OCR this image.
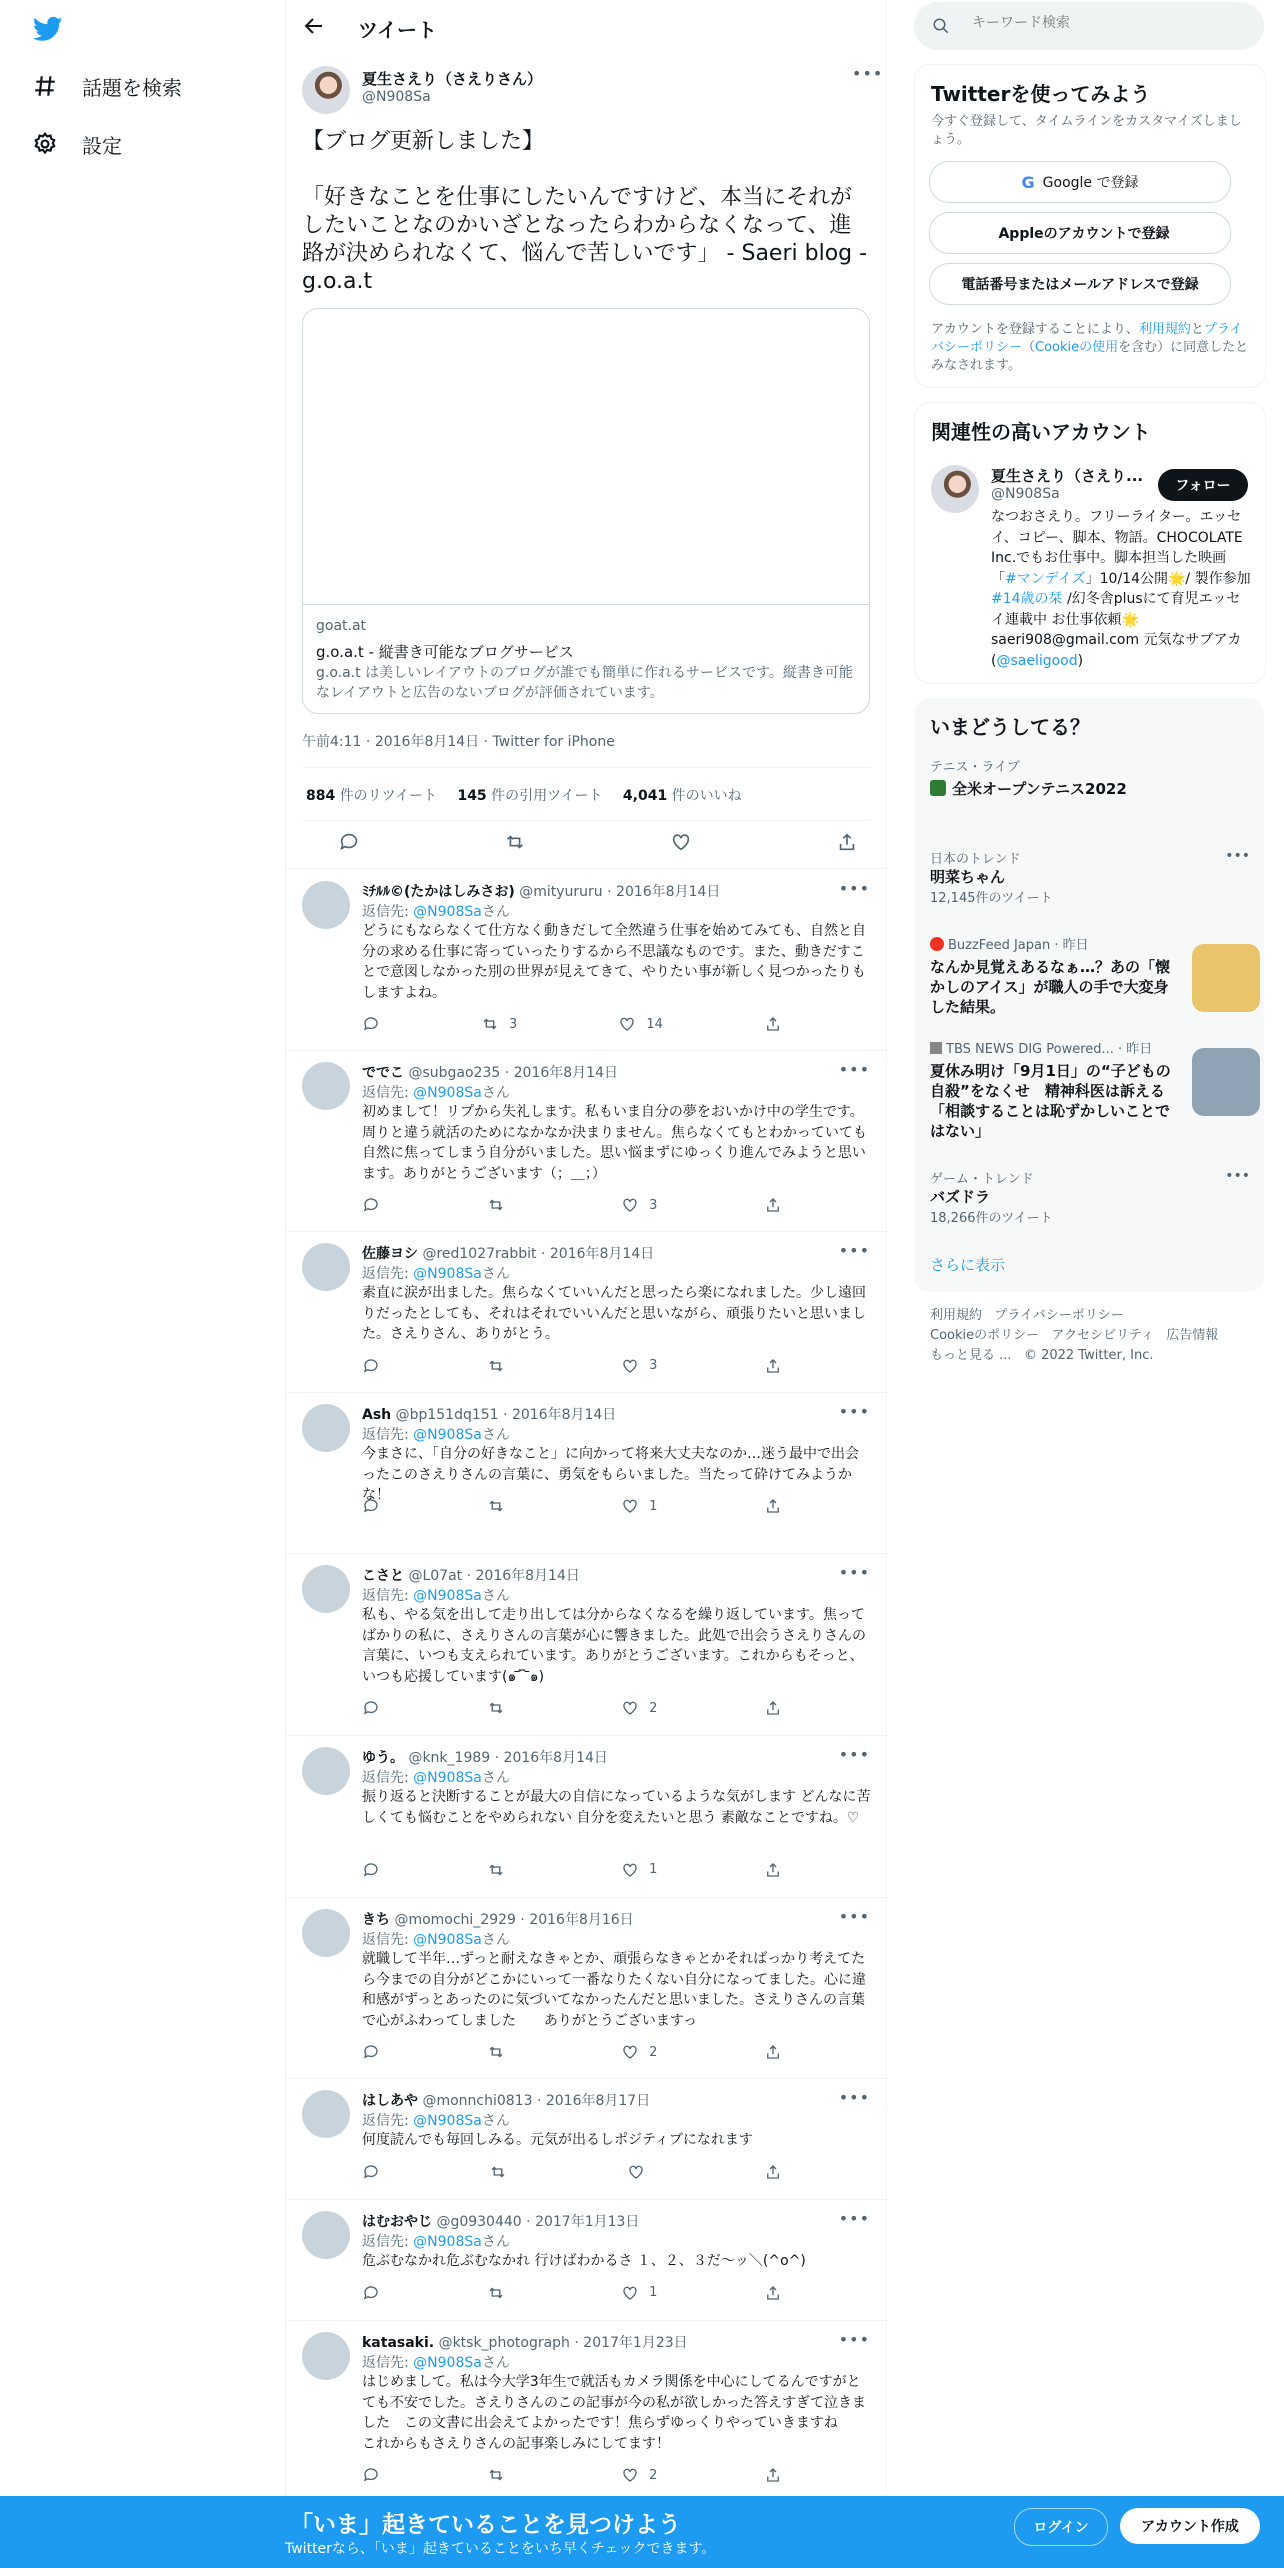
話題を検索
設定
ツイート
夏生さえり（さえりさん）
@N908Sa
•••
【ブログ更新しました】

「好きなことを仕事にしたいんですけど、本当にそれがしたいことなのかいざとなったらわからなくなって、進路が決められなくて、悩んで苦しいです」 - Saeri blog - g.o.a.t
goat.at
g.o.a.t - 縦書き可能なブログサービス
g.o.a.t は美しいレイアウトのブログが誰でも簡単に作れるサービスです。縦書き可能なレイアウトと広告のないブログが評価されています。
午前4:11 · 2016年8月14日 · Twitter for iPhone
884 件のリツイート 145 件の引用ツイート 4,041 件のいいね
ﾐﾁﾙﾙ©(たかはしみさお) @mityururu · 2016年8月14日	•••
返信先: @N908Saさん
どうにもならなくて仕方なく動きだして全然違う仕事を始めてみても、自然と自分の求める仕事に寄っていったりするから不思議なものです。また、動きだすことで意図しなかった別の世界が見えてきて、やりたい事が新しく見つかったりもしますよね。
3	14
ででこ @subgao235 · 2016年8月14日	•••
返信先: @N908Saさん
初めまして！リプから失礼します。私もいま自分の夢をおいかけ中の学生です。周りと違う就活のためになかなか決まりません。焦らなくてもとわかっていても自然に焦ってしまう自分がいました。思い悩まずにゆっくり進んでみようと思います。ありがとうございます（；＿；）
3
佐藤ヨシ @red1027rabbit · 2016年8月14日	•••
返信先: @N908Saさん
素直に涙が出ました。焦らなくていいんだと思ったら楽になれました。少し遠回りだったとしても、それはそれでいいんだと思いながら、頑張りたいと思いました。さえりさん、ありがとう。
3
Ash @bp151dq151 · 2016年8月14日	•••
返信先: @N908Saさん
今まさに、「自分の好きなこと」に向かって将来大丈夫なのか…迷う最中で出会ったこのさえりさんの言葉に、勇気をもらいました。当たって砕けてみようかな！
1
こさと @L07at · 2016年8月14日	•••
返信先: @N908Saさん
私も、やる気を出して走り出しては分からなくなるを繰り返しています。焦ってばかりの私に、さえりさんの言葉が心に響きました。此処で出会うさえりさんの言葉に、いつも支えられています。ありがとうございます。これからもそっと、いつも応援しています(๑ ᷄ ᷇ ᷅๑)
2
ゆう。 @knk_1989 · 2016年8月14日	•••
返信先: @N908Saさん
振り返ると決断することが最大の自信になっているような気がします どんなに苦しくても悩むことをやめられない 自分を変えたいと思う 素敵なことですね。♡
1
きち @momochi_2929 · 2016年8月16日	•••
返信先: @N908Saさん
就職して半年…ずっと耐えなきゃとか、頑張らなきゃとかそればっかり考えてたら今までの自分がどこかにいって一番なりたくない自分になってました。心に違和感がずっとあったのに気づいてなかったんだと思いました。さえりさんの言葉で心がふわってしました　　ありがとうございますっ
2
はしあや @monnchi0813 · 2016年8月17日	•••
返信先: @N908Saさん
何度読んでも毎回しみる。元気が出るしポジティブになれます
はむおやじ @g0930440 · 2017年1月13日	•••
返信先: @N908Saさん
危ぶむなかれ危ぶむなかれ 行けばわかるさ １、２、３だ〜ッ＼(^o^)
1
katasaki. @ktsk_photograph · 2017年1月23日	•••
返信先: @N908Saさん
はじめまして。私は今大学3年生で就活もカメラ関係を中心にしてるんですがとても不安でした。さえりさんのこの記事が今の私が欲しかった答えすぎて泣きました　この文書に出会えてよかったです！焦らずゆっくりやっていきますね　　これからもさえりさんの記事楽しみにしてます！
2
キーワード検索
Twitterを使ってみよう
今すぐ登録して、タイムラインをカスタマイズしましょう。
G Google で登録
Appleのアカウントで登録
電話番号またはメールアドレスで登録
アカウントを登録することにより、利用規約とプライバシーポリシー（Cookieの使用を含む）に同意したとみなされます。
関連性の高いアカウント
夏生さえり（さえり...
@N908Sa	フォロー
なつおさえり。フリーライター。エッセイ、コピー、脚本、物語。CHOCOLATE Inc.でもお仕事中。脚本担当した映画「#マンデイズ」10/14公開🌟/ 製作参加 #14歳の栞 /幻冬舎plusにて育児エッセイ連載中 お仕事依頼🌟saeri908@gmail.com 元気なサブアカ(@saeligood)
いまどうしてる？
テニス・ライブ
全米オープンテニス2022
日本のトレンド
明菜ちゃん
12,145件のツイート
•••
BuzzFeed Japan · 昨日
なんか見覚えあるなぁ…？あの「懐かしのアイス」が職人の手で大変身した結果。
TBS NEWS DIG Powered... · 昨日
夏休み明け「9月1日」の“子どもの自殺”をなくせ　精神科医は訴える「相談することは恥ずかしいことではない」
ゲーム・トレンド
バズドラ
18,266件のツイート
•••
さらに表示
利用規約 プライバシーポリシー
Cookieのポリシー アクセシビリティ 広告情報
もっと見る ... © 2022 Twitter, Inc.
「いま」起きていることを見つけよう
Twitterなら、「いま」起きていることをいち早くチェックできます。
ログイン	アカウント作成
